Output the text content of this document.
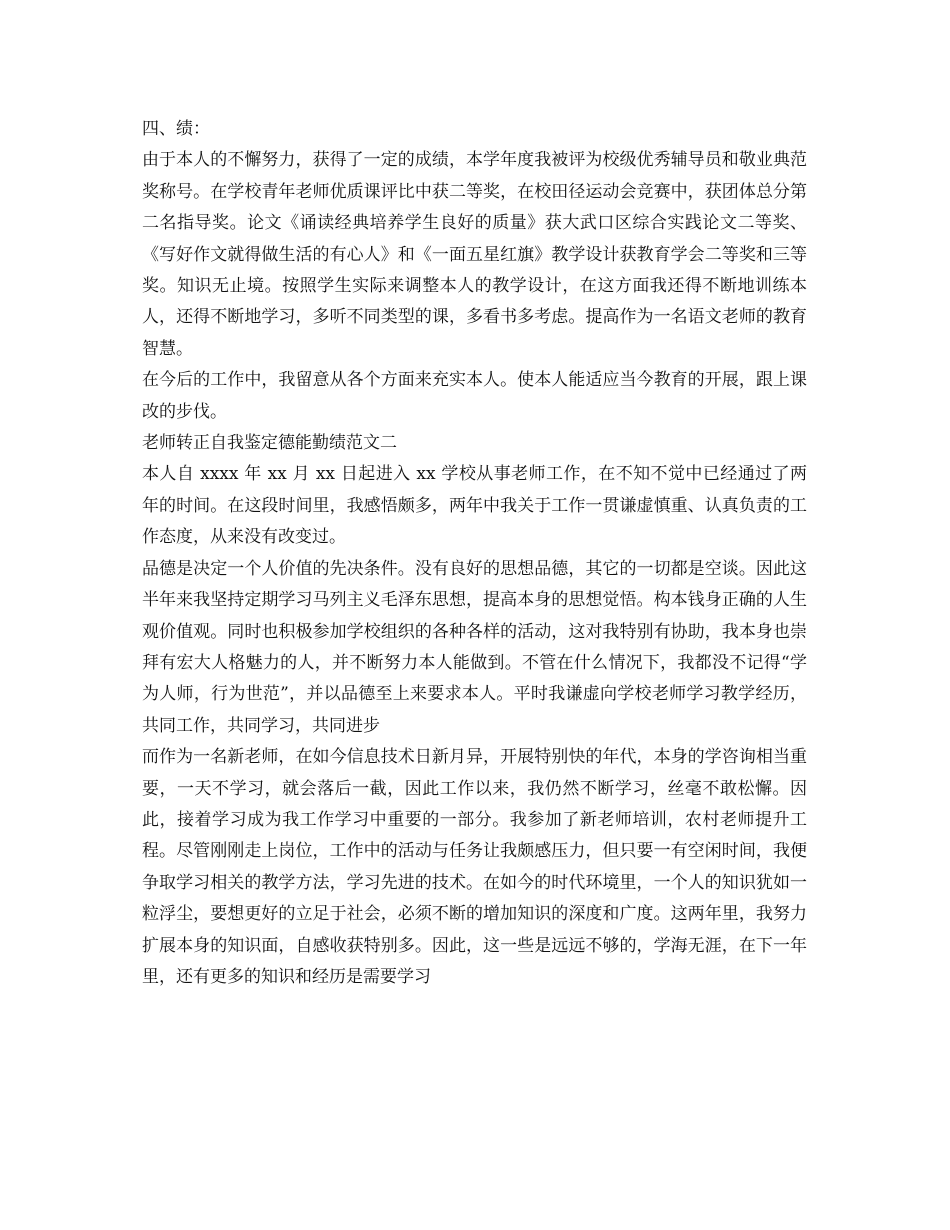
四、绩：

由于本人的不懈努力，获得了一定的成绩，本学年度我被评为校级优秀辅导员和敬业典范奖称号。在学校青年老师优质课评比中获二等奖，在校田径运动会竞赛中，获团体总分第二名指导奖。论文《诵读经典培养学生良好的质量》获大武口区综合实践论文二等奖、《写好作文就得做生活的有心人》和《一面五星红旗》教学设计获教育学会二等奖和三等奖。知识无止境。按照学生实际来调整本人的教学设计，在这方面我还得不断地训练本人，还得不断地学习，多听不同类型的课，多看书多考虑。提高作为一名语文老师的教育智慧。

在今后的工作中，我留意从各个方面来充实本人。使本人能适应当今教育的开展，跟上课改的步伐。

老师转正自我鉴定德能勤绩范文二

本人自 xxxx 年 xx 月 xx 日起进入 xx 学校从事老师工作，在不知不觉中已经通过了两年的时间。在这段时间里，我感悟颇多，两年中我关于工作一贯谦虚慎重、认真负责的工作态度，从来没有改变过。

品德是决定一个人价值的先决条件。没有良好的思想品德，其它的一切都是空谈。因此这半年来我坚持定期学习马列主义毛泽东思想，提高本身的思想觉悟。构本钱身正确的人生观价值观。同时也积极参加学校组织的各种各样的活动，这对我特别有协助，我本身也崇拜有宏大人格魅力的人，并不断努力本人能做到。不管在什么情况下，我都没不记得“学为人师，行为世范”，并以品德至上来要求本人。平时我谦虚向学校老师学习教学经历，共同工作，共同学习，共同进步

而作为一名新老师，在如今信息技术日新月异，开展特别快的年代，本身的学咨询相当重要，一天不学习，就会落后一截，因此工作以来，我仍然不断学习，丝毫不敢松懈。因此，接着学习成为我工作学习中重要的一部分。我参加了新老师培训，农村老师提升工程。尽管刚刚走上岗位，工作中的活动与任务让我颇感压力，但只要一有空闲时间，我便争取学习相关的教学方法，学习先进的技术。在如今的时代环境里，一个人的知识犹如一粒浮尘，要想更好的立足于社会，必须不断的增加知识的深度和广度。这两年里，我努力扩展本身的知识面，自感收获特别多。因此，这一些是远远不够的，学海无涯，在下一年里，还有更多的知识和经历是需要学习
